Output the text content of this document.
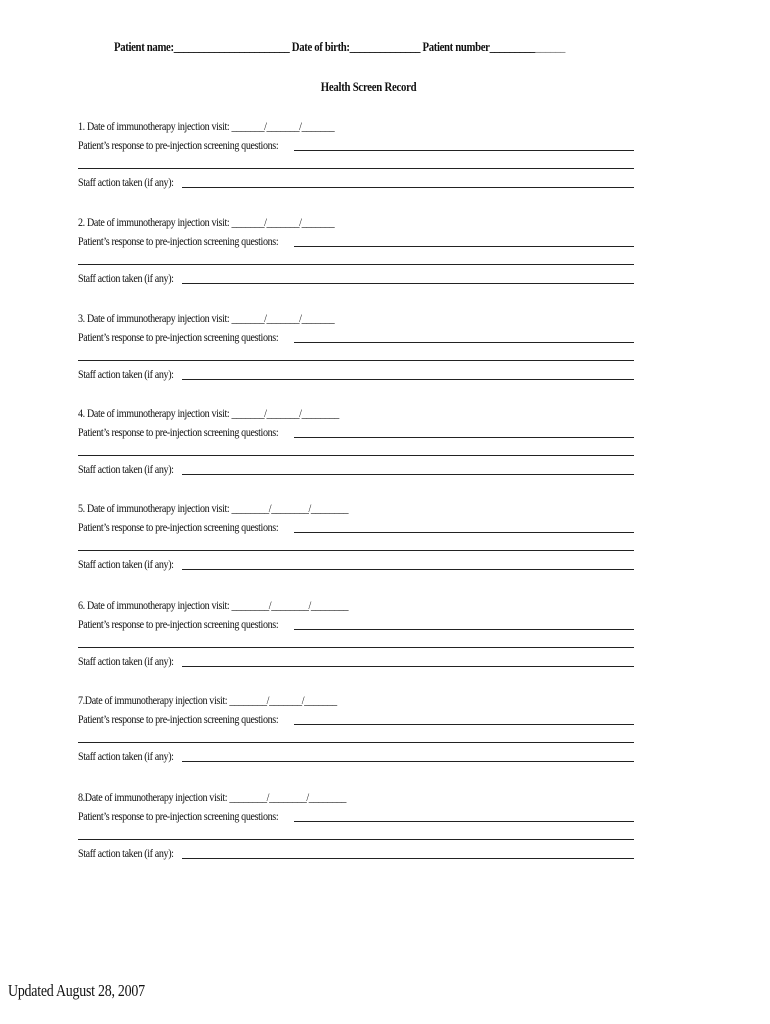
Patient name:_______________________ Date of birth:______________ Patient number_______________
Health Screen Record
1. Date of immunotherapy injection visit: _______/_______/_______
Patient’s response to pre-injection screening questions:
Staff action taken (if any):
2. Date of immunotherapy injection visit: _______/_______/_______
Patient’s response to pre-injection screening questions:
Staff action taken (if any):
3. Date of immunotherapy injection visit: _______/_______/_______
Patient’s response to pre-injection screening questions:
Staff action taken (if any):
4. Date of immunotherapy injection visit: _______/_______/________
Patient’s response to pre-injection screening questions:
Staff action taken (if any):
5. Date of immunotherapy injection visit: ________/________/________
Patient’s response to pre-injection screening questions:
Staff action taken (if any):
6. Date of immunotherapy injection visit: ________/________/________
Patient’s response to pre-injection screening questions:
Staff action taken (if any):
7.Date of immunotherapy injection visit: ________/_______/_______
Patient’s response to pre-injection screening questions:
Staff action taken (if any):
8.Date of immunotherapy injection visit: ________/________/________
Patient’s response to pre-injection screening questions:
Staff action taken (if any):
Updated August 28, 2007
